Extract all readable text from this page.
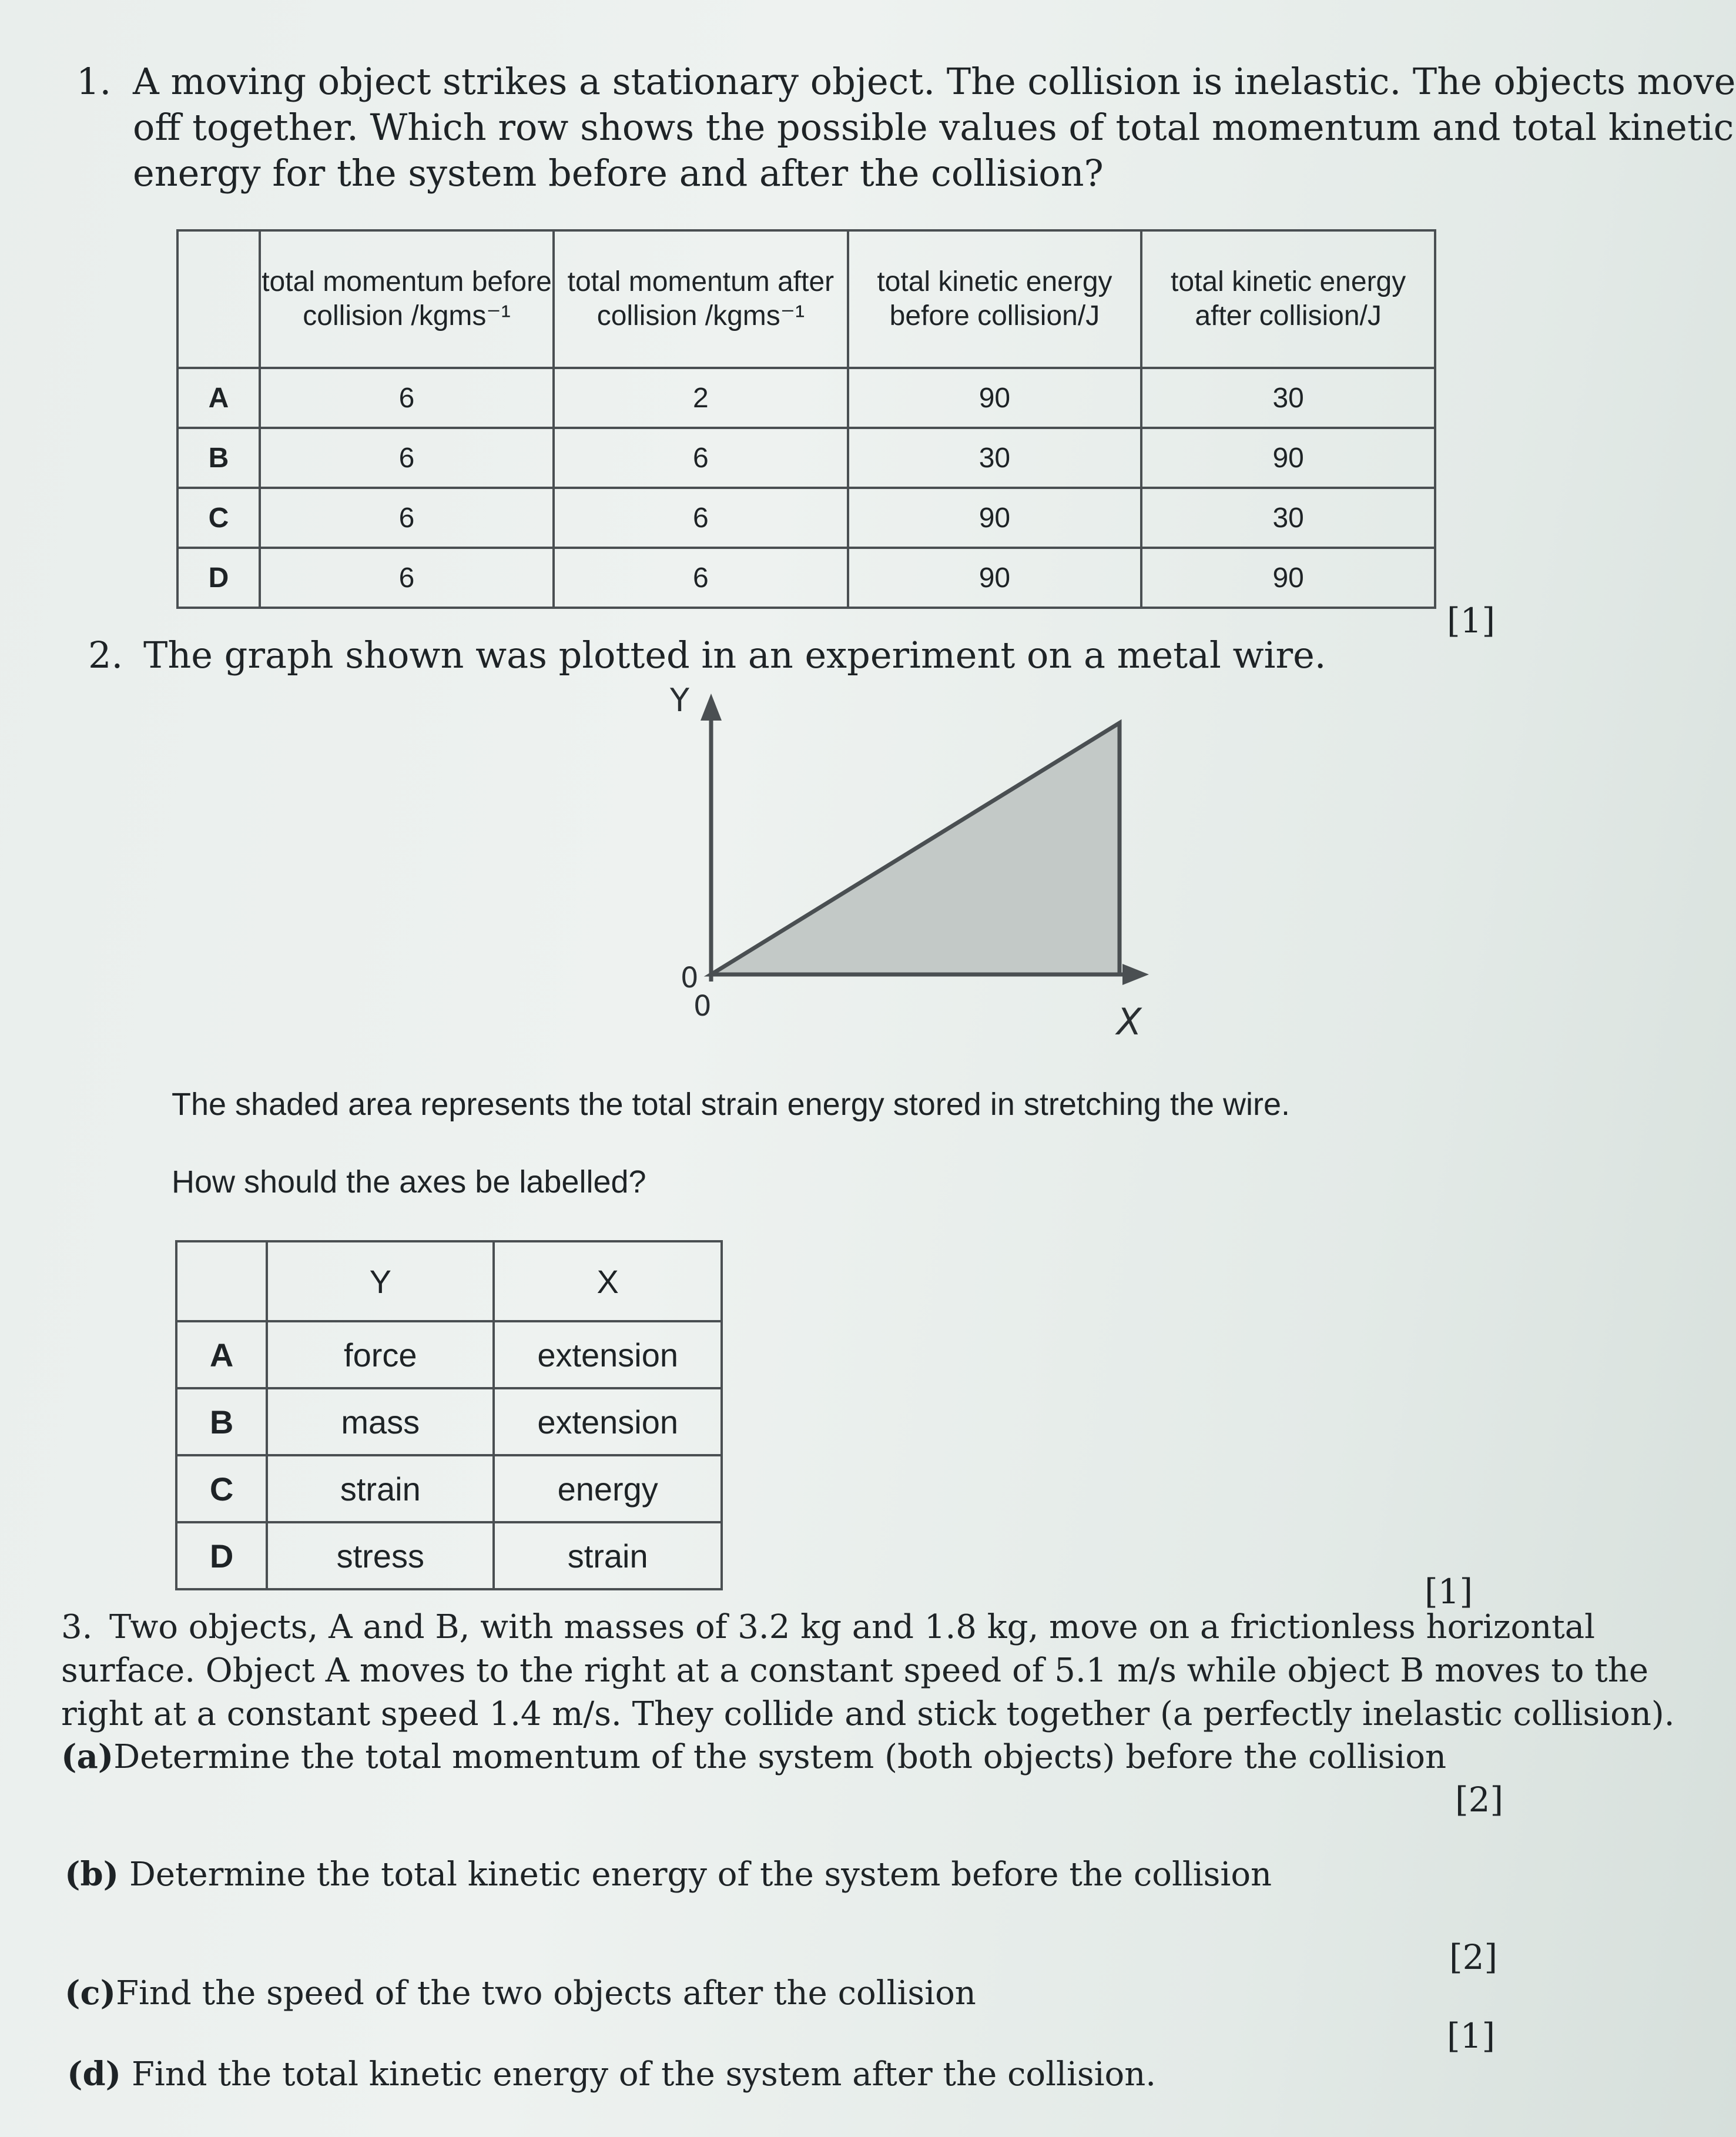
1. A moving object strikes a stationary object. The collision is inelastic. The objects move
off together. Which row shows the possible values of total momentum and total kinetic
energy for the system before and after the collision?
	total momentum before collision /kgms⁻¹	total momentum after collision /kgms⁻¹	total kinetic energy before collision/J	total kinetic energy after collision/J
A	6	2	90	30
B	6	6	30	90
C	6	6	90	30
D	6	6	90	90
[1]
2. The graph shown was plotted in an experiment on a metal wire.
Y
X
0
0
The shaded area represents the total strain energy stored in stretching the wire.
How should the axes be labelled?
	Y	X
A	force	extension
B	mass	extension
C	strain	energy
D	stress	strain
[1]
3. Two objects, A and B, with masses of 3.2 kg and 1.8 kg, move on a frictionless horizontal
surface. Object A moves to the right at a constant speed of 5.1 m/s while object B moves to the
right at a constant speed 1.4 m/s. They collide and stick together (a perfectly inelastic collision).
(a)Determine the total momentum of the system (both objects) before the collision
[2]
(b) Determine the total kinetic energy of the system before the collision
[2]
(c)Find the speed of the two objects after the collision
[1]
(d) Find the total kinetic energy of the system after the collision.
